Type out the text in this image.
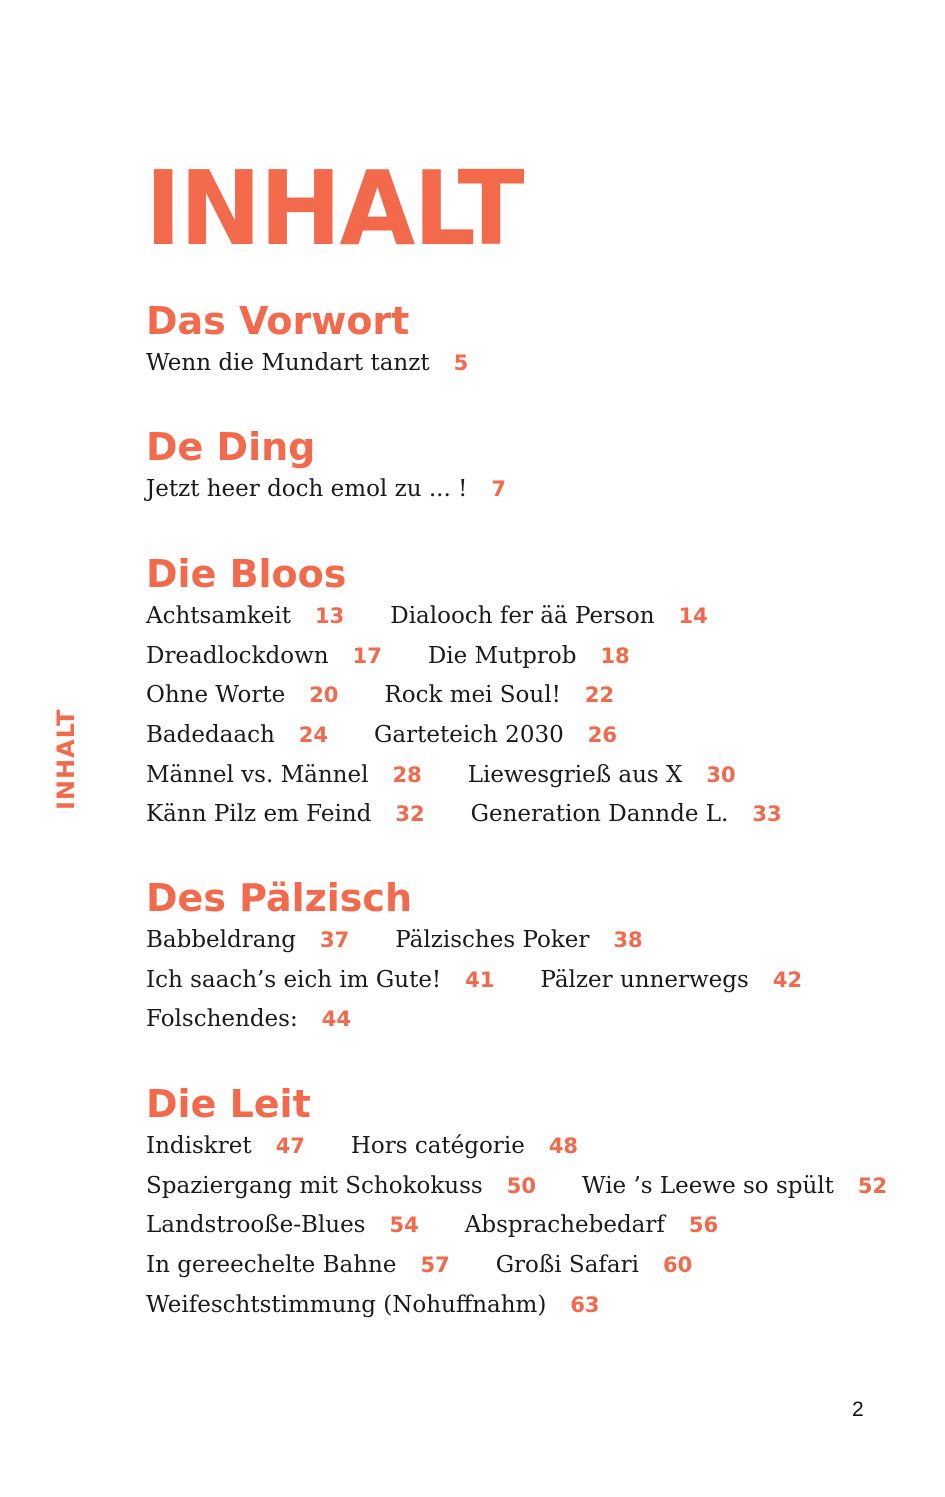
INHALT
INHALT
Das Vorwort
Wenn die Mundart tanzt 5
De Ding
Jetzt heer doch emol zu ... ! 7
Die Bloos
Achtsamkeit 13 Dialooch fer ää Person 14
Dreadlockdown 17 Die Mutprob 18
Ohne Worte 20 Rock mei Soul! 22
Badedaach 24 Garteteich 2030 26
Männel vs. Männel 28 Liewesgrieß aus X 30
Känn Pilz em Feind 32 Generation Dannde L. 33
Des Pälzisch
Babbeldrang 37 Pälzisches Poker 38
Ich saach’s eich im Gute! 41 Pälzer unnerwegs 42
Folschendes: 44
Die Leit
Indiskret 47 Hors catégorie 48
Spaziergang mit Schokokuss 50 Wie ’s Leewe so spült 52
Landstrooße-Blues 54 Absprachebedarf 56
In gereechelte Bahne 57 Großi Safari 60
Weifeschtstimmung (Nohuffnahm) 63
2
